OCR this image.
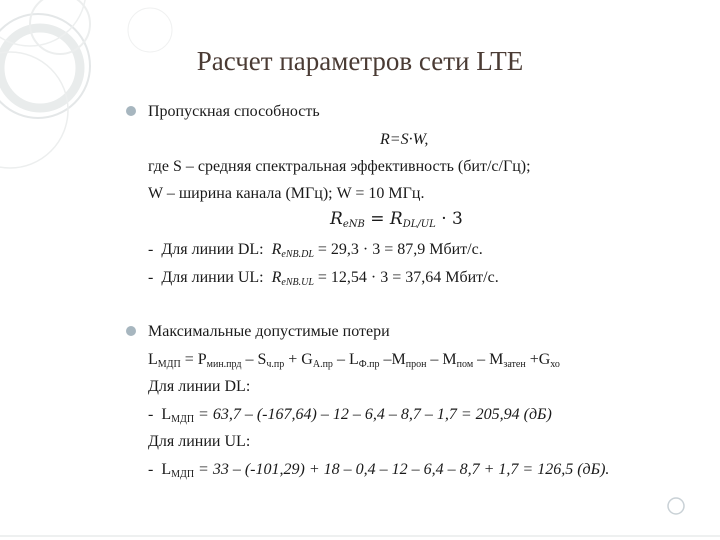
Расчет параметров сети LTE
Пропускная способность
R=S·W,
где S – средняя спектральная эффективность (бит/с/Гц);
W – ширина канала (МГц); W = 10 МГц.
$R_{eNB} = R_{DL/UL} \cdot 3$
- Для линии DL: $R_{eNB.DL} = 29,3 \cdot 3 = 87,9$ Мбит/с.
- Для линии UL: $R_{eNB.UL} = 12,54 \cdot 3 = 37,64$ Мбит/с.
Максимальные допустимые потери
$L_{МДП} = P_{мин.прд} - S_{ч.пр} + G_{A.пр} - L_{Ф.пр}$ $-M_{прон} - M_{пом} - M_{затен} +G_{хо}$
Для линии DL:
- $L_{МДП} = 63,7 - (-167,64) - 12 - 6,4 - 8,7 - 1,7 = 205,94$ (дБ)
Для линии UL:
- $L_{МДП} = 33 - (-101,29) + 18 - 0,4 - 12 - 6,4 - 8,7 + 1,7 = 126,5$ (дБ).
